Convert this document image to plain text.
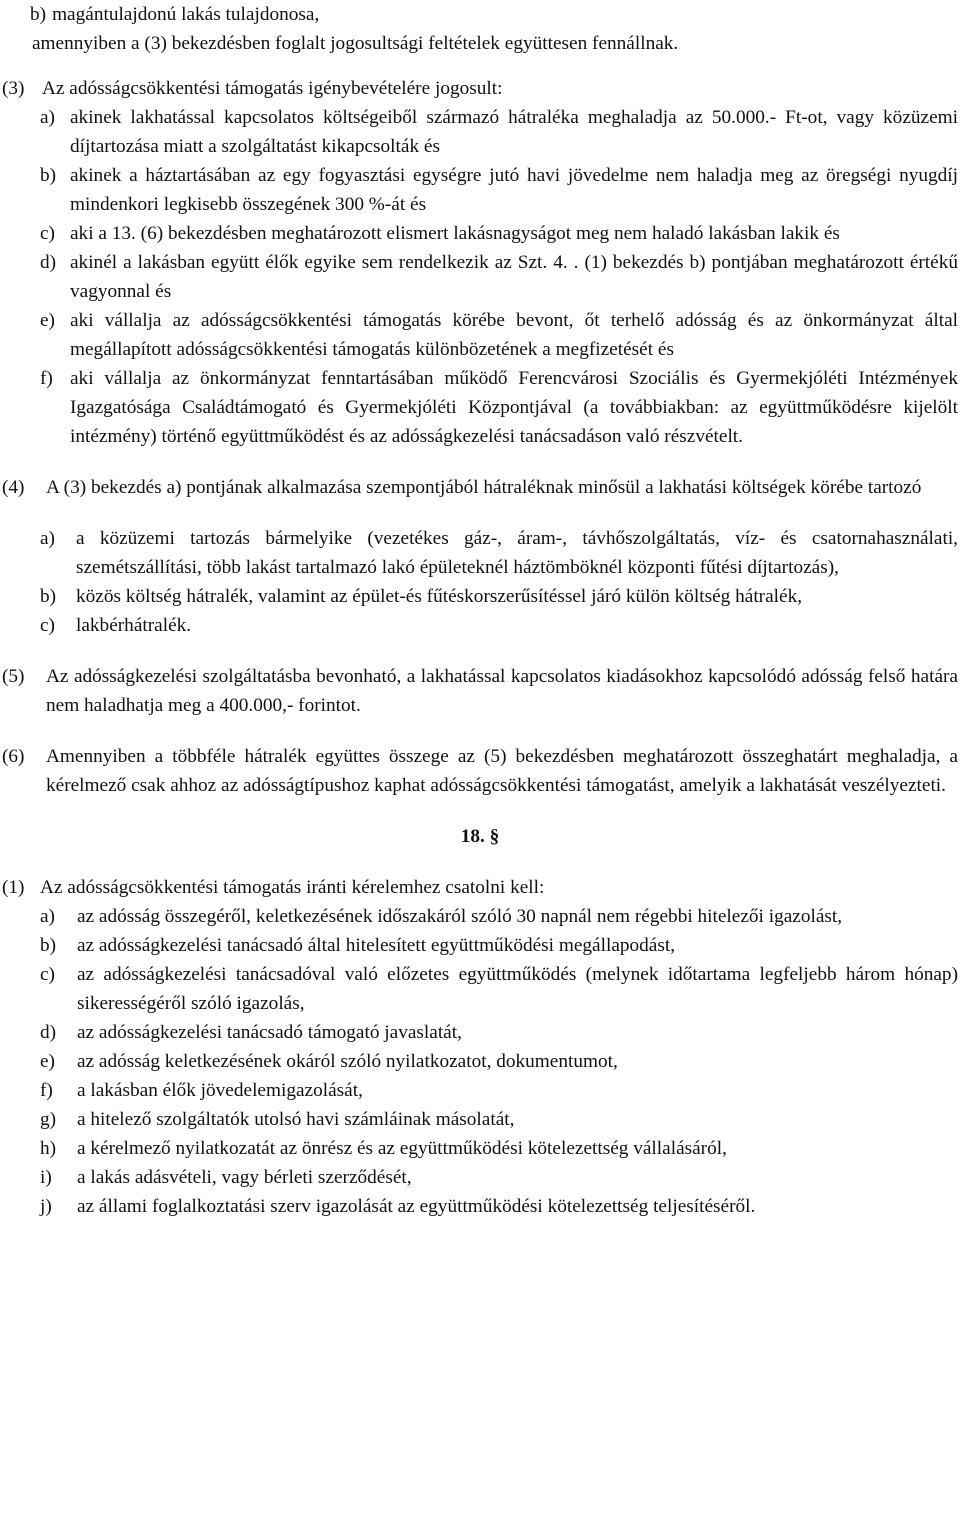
b) magántulajdonú lakás tulajdonosa,

amennyiben a (3) bekezdésben foglalt jogosultsági feltételek együttesen fennállnak.

(3) Az adósságcsökkentési támogatás igénybevételére jogosult:
a) akinek lakhatással kapcsolatos költségeiből származó hátraléka meghaladja az 50.000.- Ft-ot, vagy közüzemi díjtartozása miatt a szolgáltatást kikapcsolták és
b) akinek a háztartásában az egy fogyasztási egységre jutó havi jövedelme nem haladja meg az öregségi nyugdíj mindenkori legkisebb összegének 300 %-át és
c) aki a 13. (6) bekezdésben meghatározott elismert lakásnagyságot meg nem haladó lakásban lakik és
d) akinél a lakásban együtt élők egyike sem rendelkezik az Szt. 4. . (1) bekezdés b) pontjában meghatározott értékű vagyonnal és
e) aki vállalja az adósságcsökkentési támogatás körébe bevont, őt terhelő adósság és az önkormányzat által megállapított adósságcsökkentési támogatás különbözetének a megfizetését és
f) aki vállalja az önkormányzat fenntartásában működő Ferencvárosi Szociális és Gyermekjóléti Intézmények Igazgatósága Családtámogató és Gyermekjóléti Központjával (a továbbiakban: az együttműködésre kijelölt intézmény) történő együttműködést és az adósságkezelési tanácsadáson való részvételt.
(4)	A (3) bekezdés a) pontjának alkalmazása szempontjából hátraléknak minősül a lakhatási költségek körébe tartozó
a)	a közüzemi tartozás bármelyike (vezetékes gáz-, áram-, távhőszolgáltatás, víz- és csatornahasználati, szemétszállítási, több lakást tartalmazó lakó épületeknél háztömböknél központi fűtési díjtartozás),
b)	közös költség hátralék, valamint az épület-és fűtéskorszerűsítéssel járó külön költség hátralék,
c)	lakbérhátralék.
(5)	Az adósságkezelési szolgáltatásba bevonható, a lakhatással kapcsolatos kiadásokhoz kapcsolódó adósság felső határa nem haladhatja meg a 400.000,- forintot.
(6)	Amennyiben a többféle hátralék együttes összege az (5) bekezdésben meghatározott összeghatárt meghaladja, a kérelmező csak ahhoz az adósságtípushoz kaphat adósságcsökkentési támogatást, amelyik a lakhatását veszélyezteti.
18. §
(1) Az adósságcsökkentési támogatás iránti kérelemhez csatolni kell:
a)	az adósság összegéről, keletkezésének időszakáról szóló 30 napnál nem régebbi hitelezői igazolást,
b)	az adósságkezelési tanácsadó által hitelesített együttműködési megállapodást,
c)	az adósságkezelési tanácsadóval való előzetes együttműködés (melynek időtartama legfeljebb három hónap) sikerességéről szóló igazolás,
d)	az adósságkezelési tanácsadó támogató javaslatát,
e)	az adósság keletkezésének okáról szóló nyilatkozatot, dokumentumot,
f)	a lakásban élők jövedelemigazolását,
g)	a hitelező szolgáltatók utolsó havi számláinak másolatát,
h)	a kérelmező nyilatkozatát az önrész és az együttműködési kötelezettség vállalásáról,
i)	a lakás adásvételi, vagy bérleti szerződését,
j)	az állami foglalkoztatási szerv igazolását az együttműködési kötelezettség teljesítéséről.
